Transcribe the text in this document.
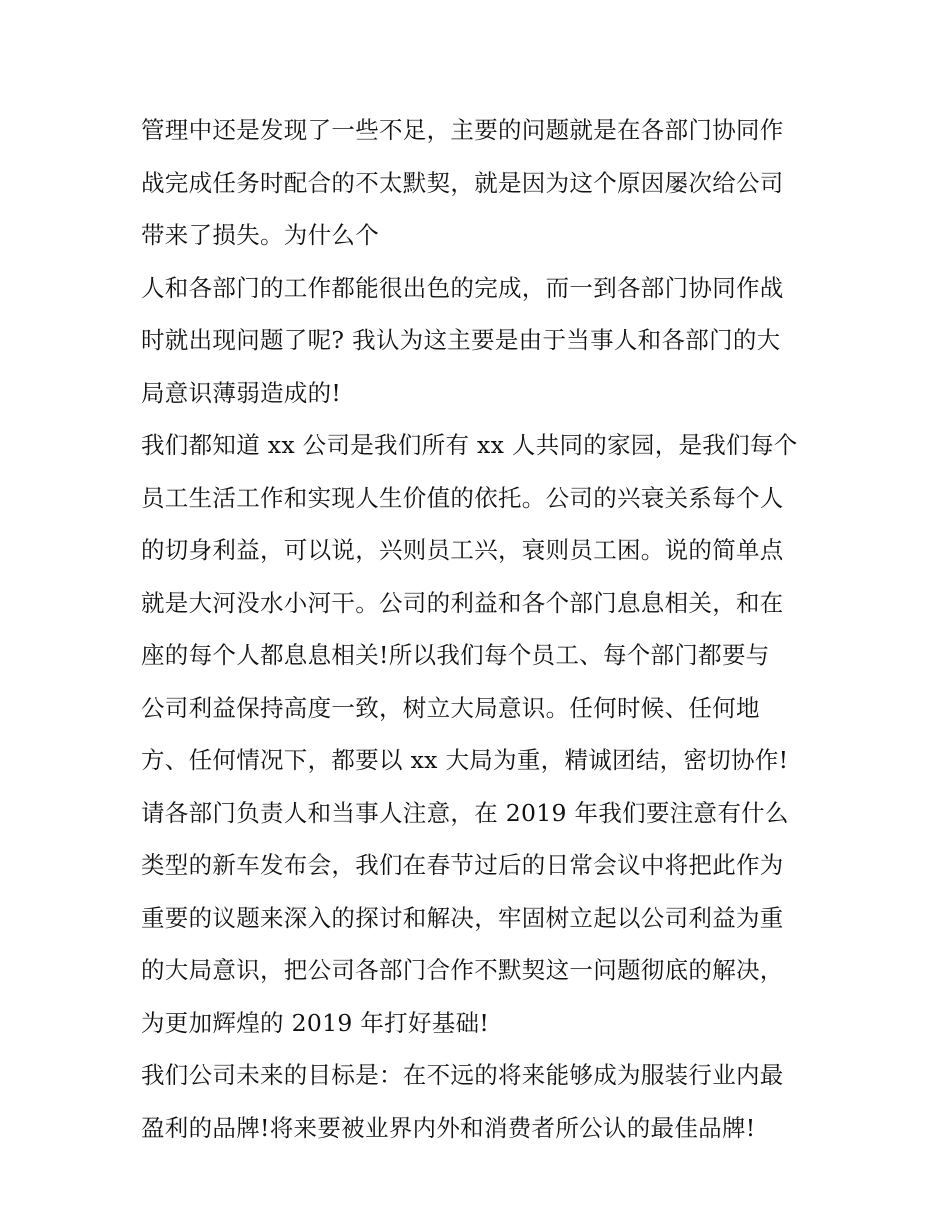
管理中还是发现了一些不足，主要的问题就是在各部门协同作
战完成任务时配合的不太默契，就是因为这个原因屡次给公司
带来了损失。为什么个
人和各部门的工作都能很出色的完成，而一到各部门协同作战
时就出现问题了呢? 我认为这主要是由于当事人和各部门的大
局意识薄弱造成的!
我们都知道 xx 公司是我们所有 xx 人共同的家园，是我们每个
员工生活工作和实现人生价值的依托。公司的兴衰关系每个人
的切身利益，可以说，兴则员工兴，衰则员工困。说的简单点
就是大河没水小河干。公司的利益和各个部门息息相关，和在
座的每个人都息息相关!所以我们每个员工、每个部门都要与
公司利益保持高度一致，树立大局意识。任何时候、任何地
方、任何情况下，都要以 xx 大局为重，精诚团结，密切协作!
请各部门负责人和当事人注意，在 2019 年我们要注意有什么
类型的新车发布会，我们在春节过后的日常会议中将把此作为
重要的议题来深入的探讨和解决，牢固树立起以公司利益为重
的大局意识，把公司各部门合作不默契这一问题彻底的解决，
为更加辉煌的 2019 年打好基础!
我们公司未来的目标是：在不远的将来能够成为服装行业内最
盈利的品牌!将来要被业界内外和消费者所公认的最佳品牌!
